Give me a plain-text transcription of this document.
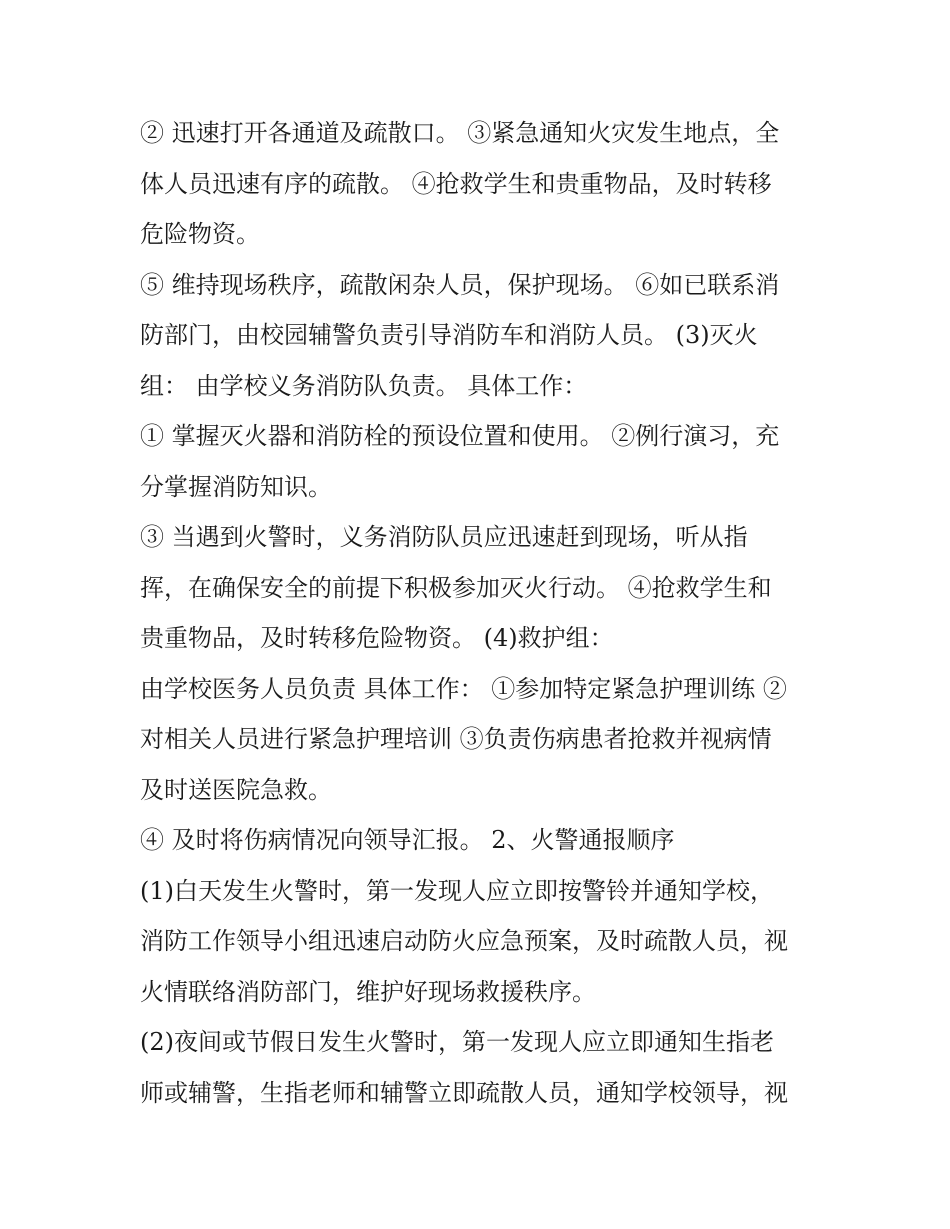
② 迅速打开各通道及疏散口。 ③紧急通知火灾发生地点，全
体人员迅速有序的疏散。 ④抢救学生和贵重物品，及时转移
危险物资。
⑤ 维持现场秩序，疏散闲杂人员，保护现场。 ⑥如已联系消
防部门，由校园辅警负责引导消防车和消防人员。 (3)灭火
组： 由学校义务消防队负责。 具体工作：
① 掌握灭火器和消防栓的预设位置和使用。 ②例行演习，充
分掌握消防知识。
③ 当遇到火警时，义务消防队员应迅速赶到现场，听从指
挥，在确保安全的前提下积极参加灭火行动。 ④抢救学生和
贵重物品，及时转移危险物资。 (4)救护组：
由学校医务人员负责 具体工作： ①参加特定紧急护理训练 ②
对相关人员进行紧急护理培训 ③负责伤病患者抢救并视病情
及时送医院急救。
④ 及时将伤病情况向领导汇报。 2、火警通报顺序
(1)白天发生火警时，第一发现人应立即按警铃并通知学校，
消防工作领导小组迅速启动防火应急预案，及时疏散人员，视
火情联络消防部门，维护好现场救援秩序。
(2)夜间或节假日发生火警时，第一发现人应立即通知生指老
师或辅警，生指老师和辅警立即疏散人员，通知学校领导，视
